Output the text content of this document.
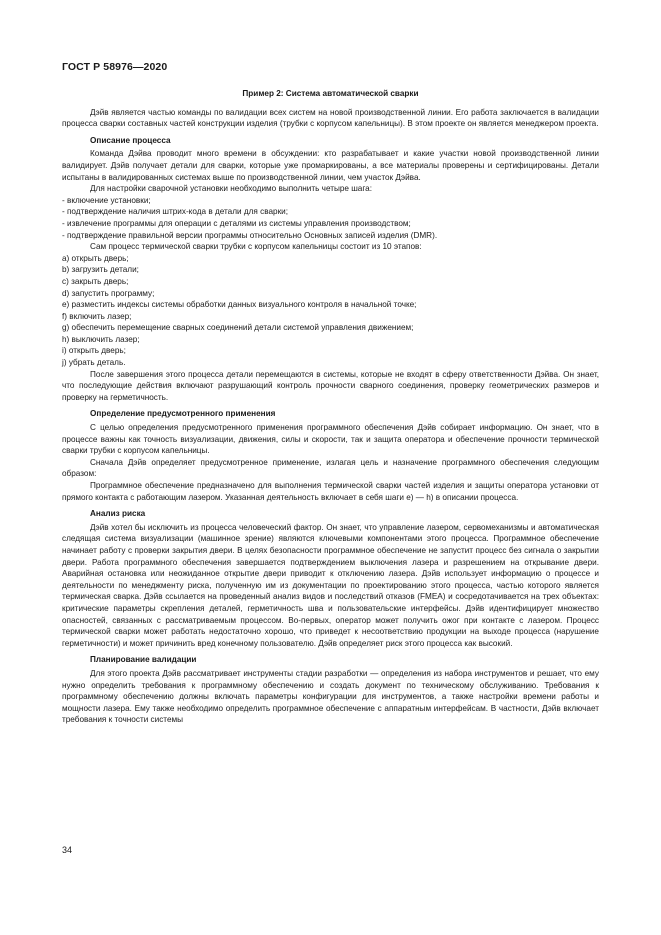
ГОСТ Р 58976—2020

Пример 2: Система автоматической сварки

Дэйв является частью команды по валидации всех систем на новой производственной линии. Его работа заключается в валидации процесса сварки составных частей конструкции изделия (трубки с корпусом капельницы). В этом проекте он является менеджером проекта.

Описание процесса

Команда Дэйва проводит много времени в обсуждении: кто разрабатывает и какие участки новой производственной линии валидирует. Дэйв получает детали для сварки, которые уже промаркированы, а все материалы проверены и сертифицированы. Детали испытаны в валидированных системах выше по производственной линии, чем участок Дэйва.

Для настройки сварочной установки необходимо выполнить четыре шага:

- включение установки;

- подтверждение наличия штрих-кода в детали для сварки;

- извлечение программы для операции с деталями из системы управления производством;

- подтверждение правильной версии программы относительно Основных записей изделия (DMR).

Сам процесс термической сварки трубки с корпусом капельницы состоит из 10 этапов:

a) открыть дверь;

b) загрузить детали;

c) закрыть дверь;

d) запустить программу;

e) разместить индексы системы обработки данных визуального контроля в начальной точке;

f) включить лазер;

g) обеспечить перемещение сварных соединений детали системой управления движением;

h) выключить лазер;

i) открыть дверь;

j) убрать деталь.

После завершения этого процесса детали перемещаются в системы, которые не входят в сферу ответственности Дэйва. Он знает, что последующие действия включают разрушающий контроль прочности сварного соединения, проверку геометрических размеров и проверку на герметичность.

Определение предусмотренного применения

С целью определения предусмотренного применения программного обеспечения Дэйв собирает информацию. Он знает, что в процессе важны как точность визуализации, движения, силы и скорости, так и защита оператора и обеспечение прочности термической сварки трубки с корпусом капельницы.

Сначала Дэйв определяет предусмотренное применение, излагая цель и назначение программного обеспечения следующим образом:

Программное обеспечение предназначено для выполнения термической сварки частей изделия и защиты оператора установки от прямого контакта с работающим лазером. Указанная деятельность включает в себя шаги е) — h) в описании процесса.

Анализ риска

Дэйв хотел бы исключить из процесса человеческий фактор. Он знает, что управление лазером, сервомеханизмы и автоматическая следящая система визуализации (машинное зрение) являются ключевыми компонентами этого процесса. Программное обеспечение начинает работу с проверки закрытия двери. В целях безопасности программное обеспечение не запустит процесс без сигнала о закрытии двери. Работа программного обеспечения завершается подтверждением выключения лазера и разрешением на открывание двери. Аварийная остановка или неожиданное открытие двери приводит к отключению лазера. Дэйв использует информацию о процессе и деятельности по менеджменту риска, полученную им из документации по проектированию этого процесса, частью которого является термическая сварка. Дэйв ссылается на проведенный анализ видов и последствий отказов (FMEA) и сосредотачивается на трех объектах: критические параметры скрепления деталей, герметичность шва и пользовательские интерфейсы. Дэйв идентифицирует множество опасностей, связанных с рассматриваемым процессом. Во-первых, оператор может получить ожог при контакте с лазером. Процесс термической сварки может работать недостаточно хорошо, что приведет к несоответствию продукции на выходе процесса (нарушение герметичности) и может причинить вред конечному пользователю. Дэйв определяет риск этого процесса как высокий.

Планирование валидации

Для этого проекта Дэйв рассматривает инструменты стадии разработки — определения из набора инструментов и решает, что ему нужно определить требования к программному обеспечению и создать документ по техническому обслуживанию. Требования к программному обеспечению должны включать параметры конфигурации для инструментов, а также настройки времени работы и мощности лазера. Ему также необходимо определить программное обеспечение с аппаратным интерфейсам. В частности, Дэйв включает требования к точности системы

34
